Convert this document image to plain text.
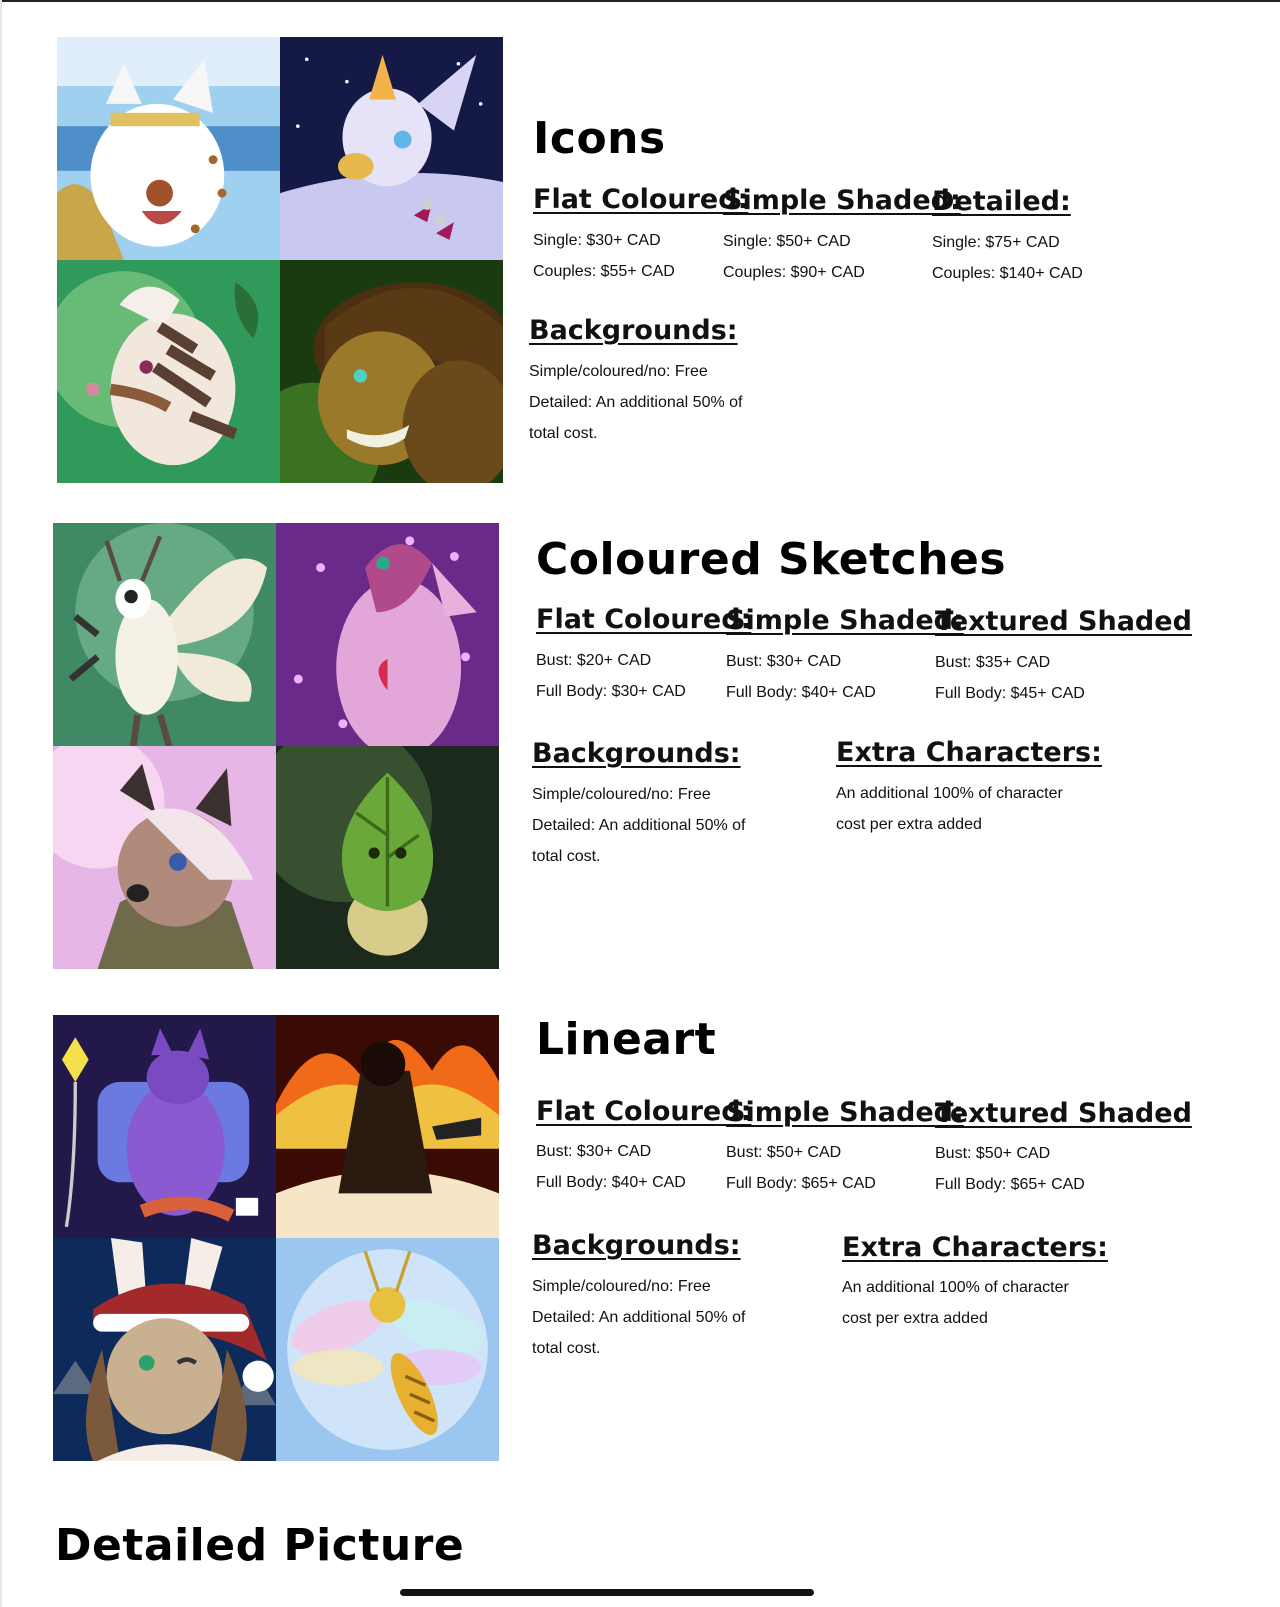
Icons
Flat Coloured:

Single: $30+ CAD

Couples: $55+ CAD

Simple Shaded:

Single: $50+ CAD

Couples: $90+ CAD

Detailed:

Single: $75+ CAD

Couples: $140+ CAD

Backgrounds:

Simple/coloured/no: Free

Detailed: An additional 50% of

total cost.

Coloured Sketches
Flat Coloured:

Bust: $20+ CAD

Full Body: $30+ CAD

Simple Shaded:

Bust: $30+ CAD

Full Body: $40+ CAD

Textured Shaded

Bust: $35+ CAD

Full Body: $45+ CAD

Backgrounds:

Simple/coloured/no: Free

Detailed: An additional 50% of

total cost.

Extra Characters:

An additional 100% of character

cost per extra added

Lineart
Flat Coloured:

Bust: $30+ CAD

Full Body: $40+ CAD

Simple Shaded:

Bust: $50+ CAD

Full Body: $65+ CAD

Textured Shaded

Bust: $50+ CAD

Full Body: $65+ CAD

Backgrounds:

Simple/coloured/no: Free

Detailed: An additional 50% of

total cost.

Extra Characters:

An additional 100% of character

cost per extra added

Detailed Picture
